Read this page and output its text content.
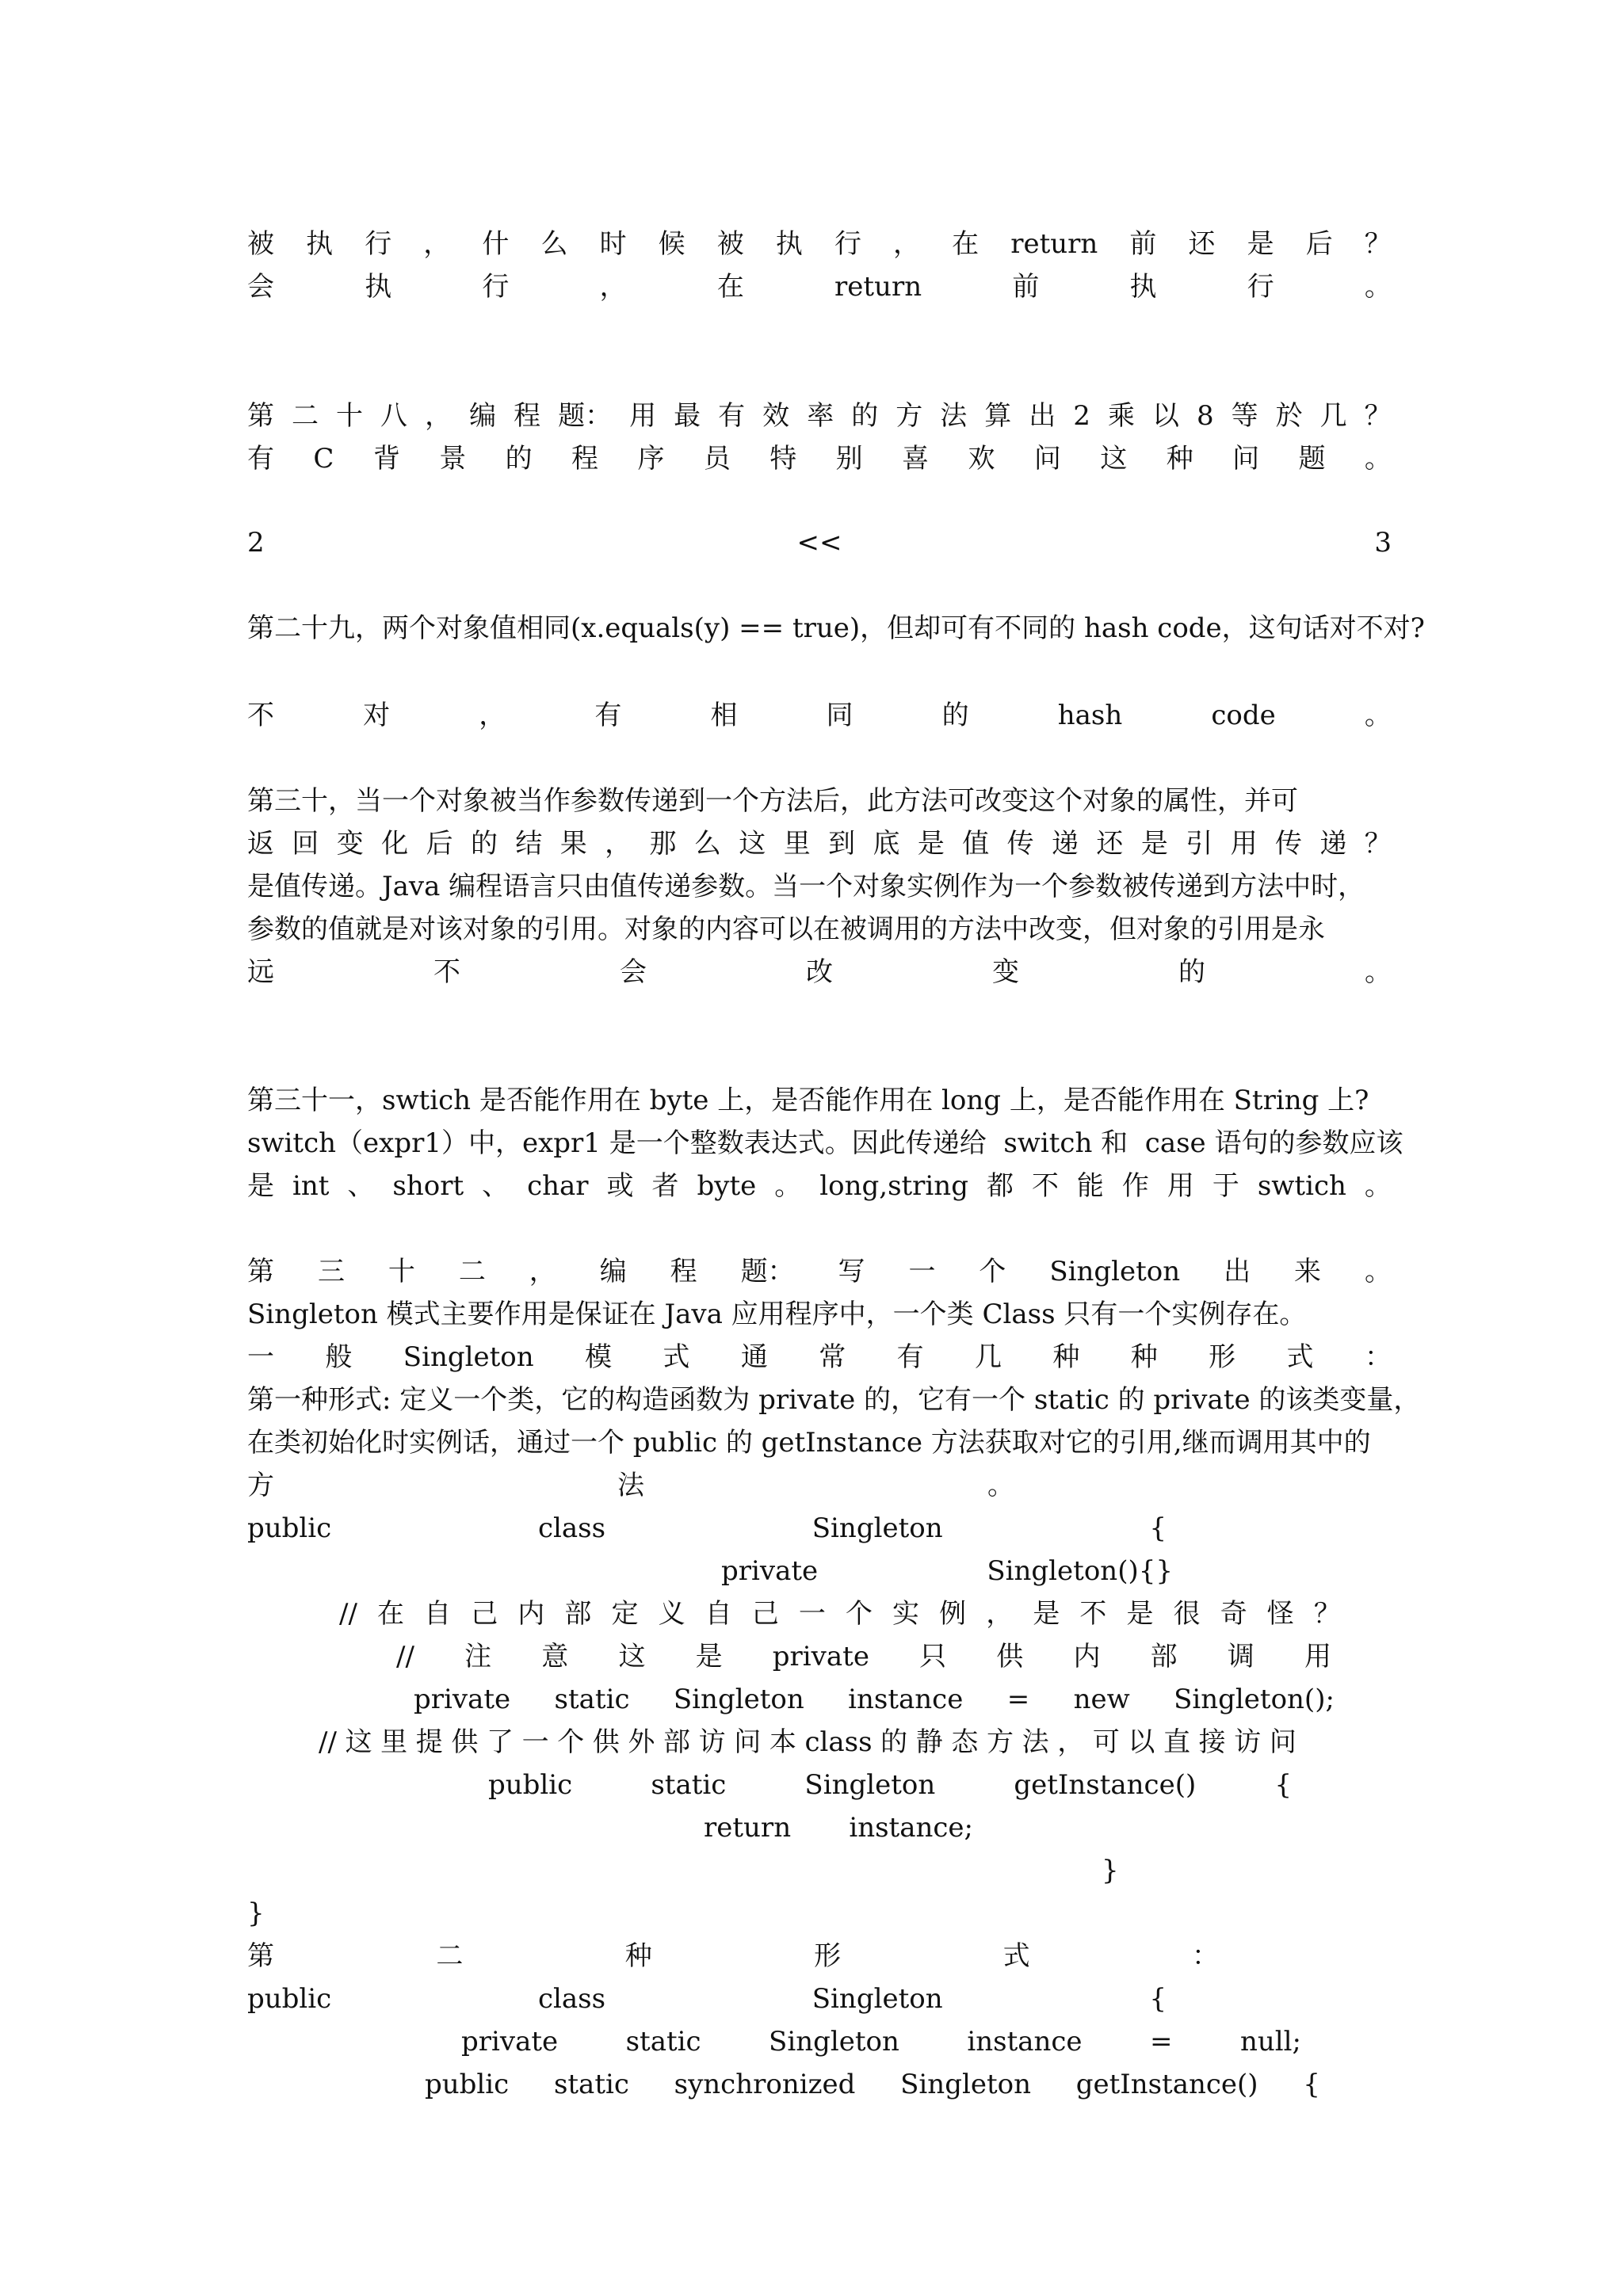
被 执 行 ， 什 么 时 候 被 执 行 ， 在 return 前 还 是 后 ？
会	执	行	，	在	return	前	执	行	。
第 二 十 八 ， 编 程 题： 用 最 有 效 率 的 方 法 算 出 2 乘 以 8 等 於 几 ？
有 C 背 景 的 程 序 员 特 别 喜 欢 问 这 种 问 题 。
2	<<	3
第二十九，两个对象值相同(x.equals(y) == true)，但却可有不同的 hash code，这句话对不对?
不	对	，	有	相	同	的	hash	code	。
第三十，当一个对象被当作参数传递到一个方法后，此方法可改变这个对象的属性，并可
返 回 变 化 后 的 结 果 ， 那 么 这 里 到 底 是 值 传 递 还 是 引 用 传 递 ？
是值传递。Java 编程语言只由值传递参数。当一个对象实例作为一个参数被传递到方法中时，
参数的值就是对该对象的引用。对象的内容可以在被调用的方法中改变，但对象的引用是永
远	不	会	改	变	的	。
第三十一，swtich 是否能作用在 byte 上，是否能作用在 long 上，是否能作用在 String 上?
switch（expr1）中，expr1 是一个整数表达式。因此传递给  switch 和  case 语句的参数应该
是 int 、 short 、 char 或 者 byte 。 long,string 都 不 能 作 用 于 swtich 。
第 三 十 二 ， 编 程 题： 写 一 个 Singleton 出 来 。
Singleton 模式主要作用是保证在 Java 应用程序中，一个类 Class 只有一个实例存在。
一 般 Singleton 模 式 通 常 有 几 种 种 形 式 ：
第一种形式: 定义一个类，它的构造函数为 private 的，它有一个 static 的 private 的该类变量，
在类初始化时实例话，通过一个 public 的 getInstance 方法获取对它的引用,继而调用其中的
方	法	。
public	class	Singleton	{
private	Singleton(){}
// 在 自 己 内 部 定 义 自 己 一 个 实 例 ， 是 不 是 很 奇 怪 ？
// 注 意 这 是 private 只 供 内 部 调 用
private static Singleton instance = new Singleton();
// 这 里 提 供 了 一 个 供 外 部 访 问 本 class 的 静 态 方 法 ， 可 以 直 接 访 问
public	static	Singleton	getInstance()	{
return instance;
}
}
第	二	种	形	式	：
public	class	Singleton	{
private	static	Singleton	instance	=	null;
public static synchronized Singleton getInstance() {
